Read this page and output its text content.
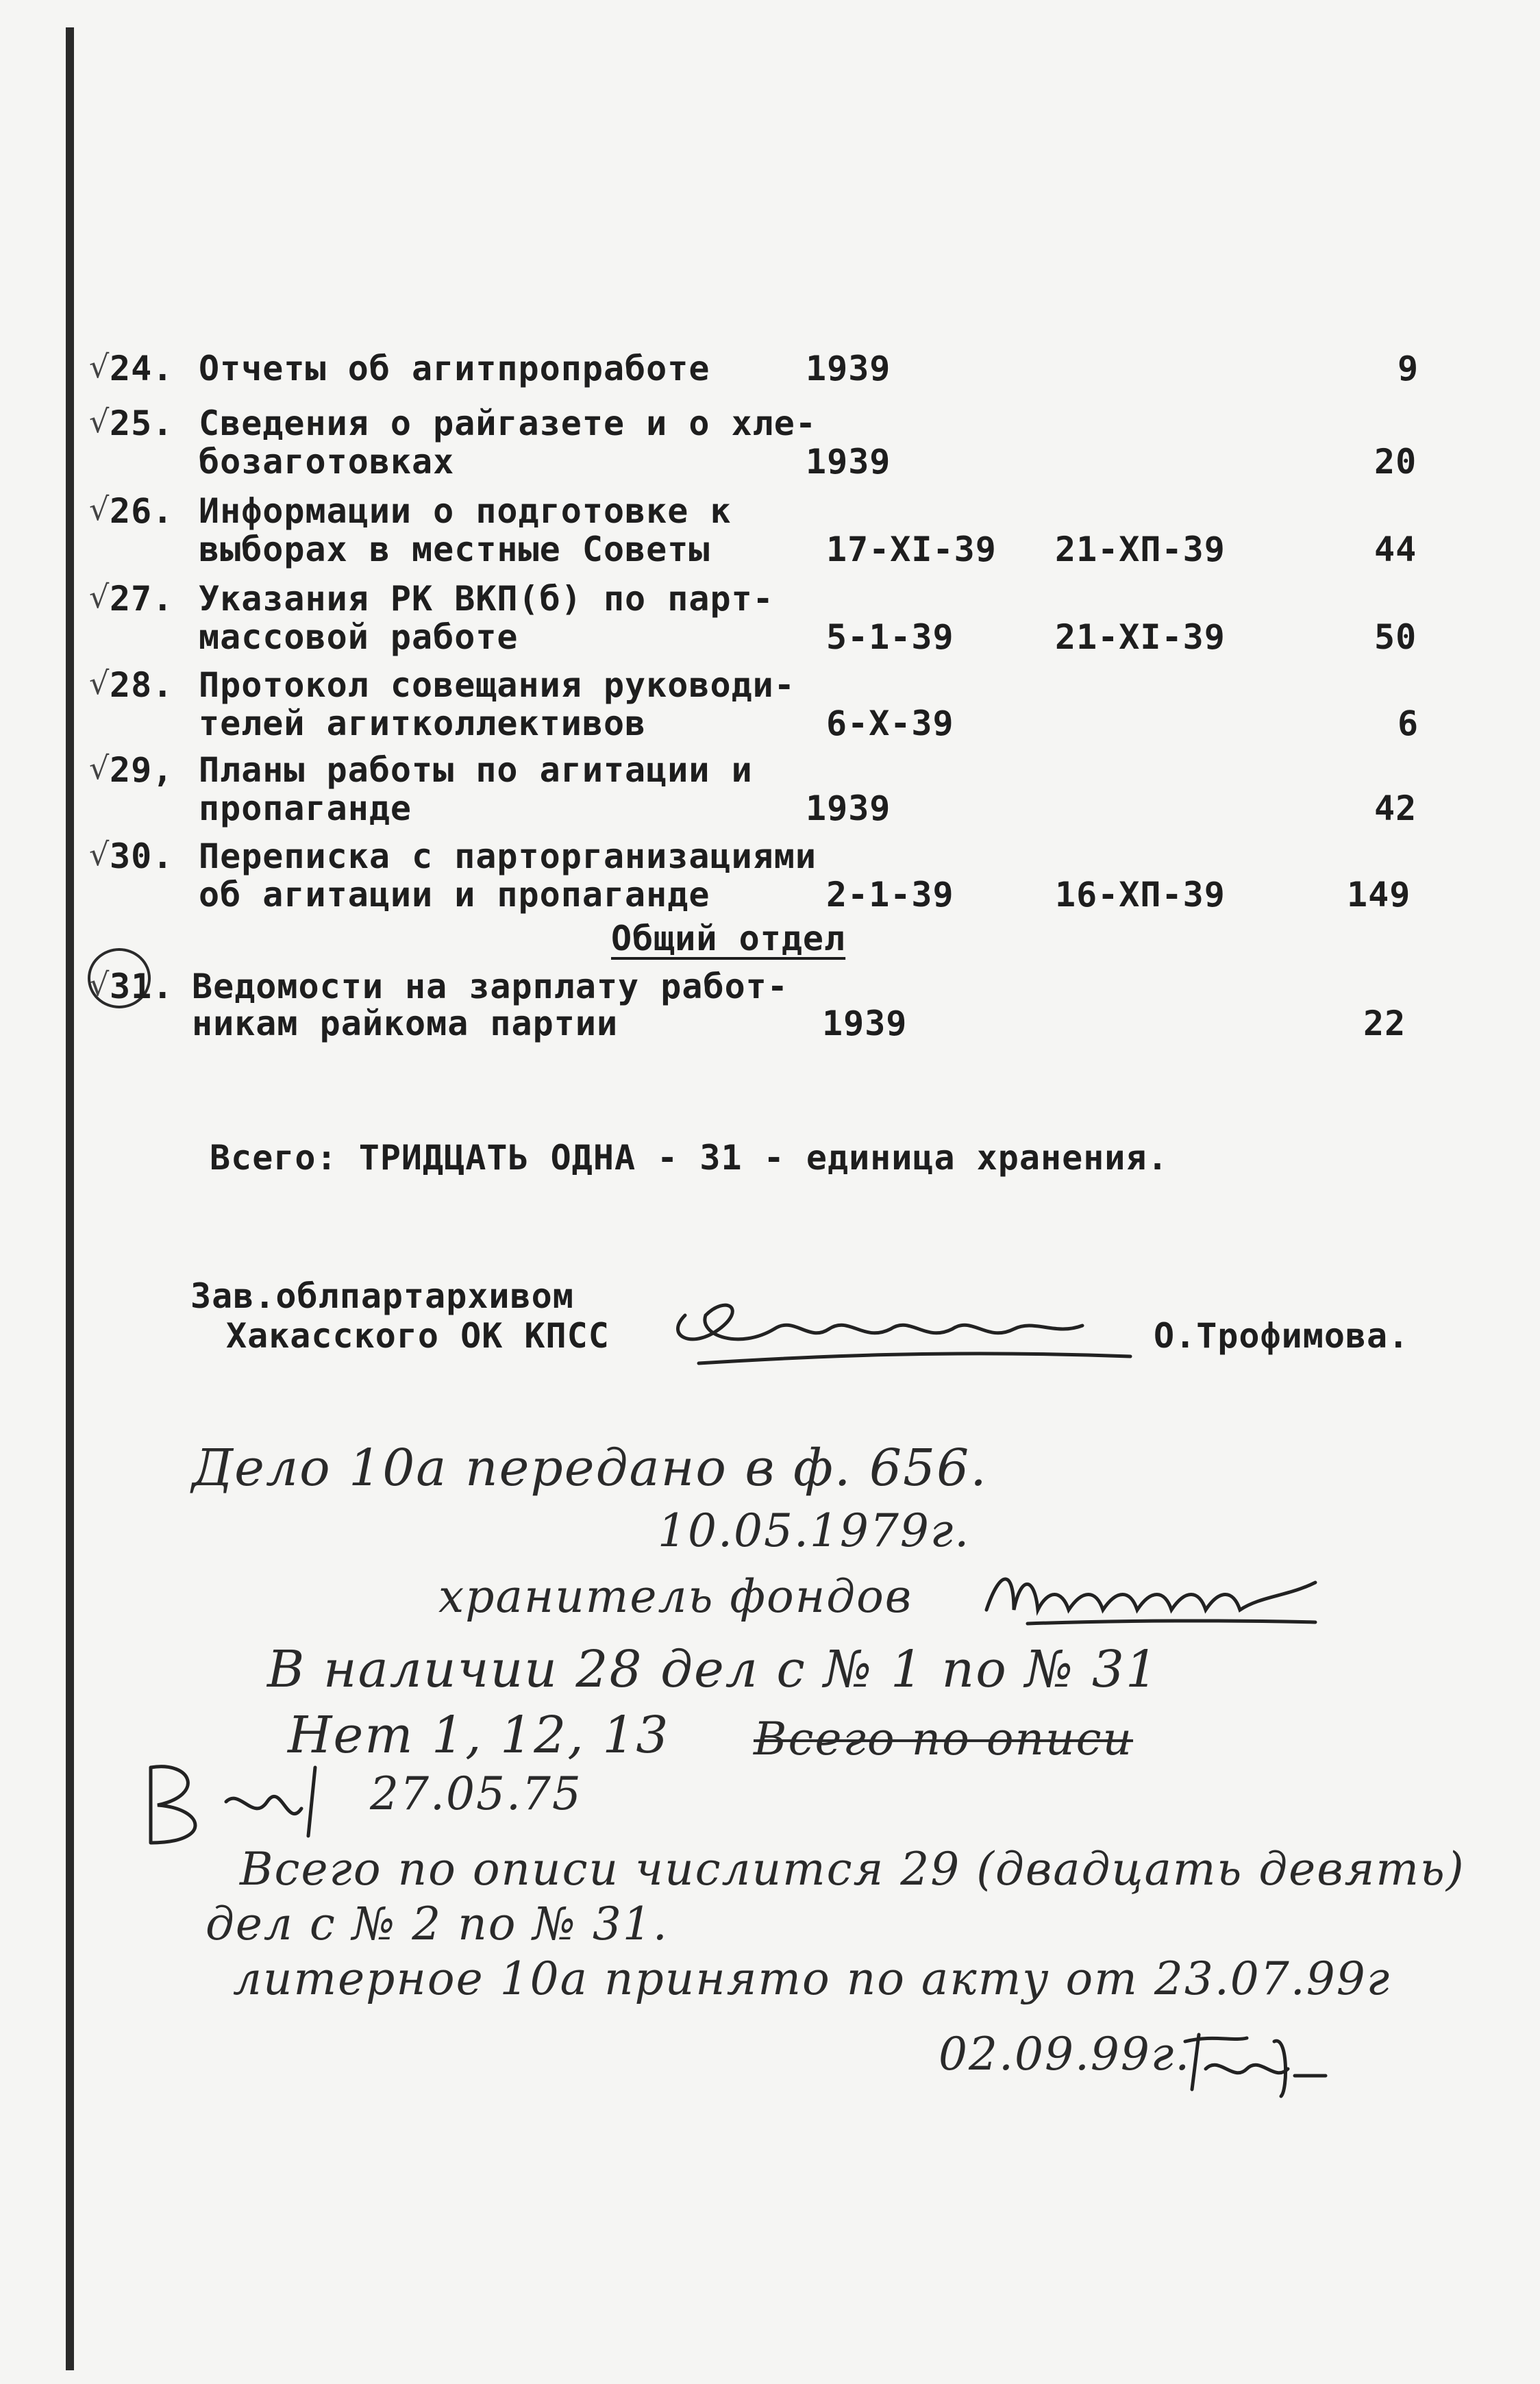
√ 24. Отчеты об агитпропработе	1939	9
√ 25. Сведения о райгазете и о хле-
бозаготовках	1939	20
√ 26. Информации о подготовке к
выборах в местные Советы	17-XI-39 21-XП-39	44
√ 27. Указания РК ВКП(б) по парт-
массовой работе	5-1-39	21-XI-39	50
√ 28. Протокол совещания руководи-
телей агитколлективов	6-X-39	6
√ 29, Планы работы по агитации и
пропаганде	1939	42
√ 30. Переписка с парторганизациями
об агитации и пропаганде	2-1-39	16-XП-39	149
Общий отдел
√ 31. Ведомости на зарплату работ-
никам райкома партии	1939	22
Всего: ТРИДЦАТЬ ОДНА - 31 - единица хранения.
Зав.облпартархивом
Хакасского ОК КПСС	О.Трофимова.
Дело 10а передано в ф. 656.
10.05.1979г.
хранитель фондов
В наличии 28 дел с № 1 по № 31
Нет 1, 12, 13 Всего по описи
27.05.75
Всего по описи числится 29 (двадцать девять)
дел с № 2 по № 31.
литерное 10а принято по акту от 23.07.99г
02.09.99г.
